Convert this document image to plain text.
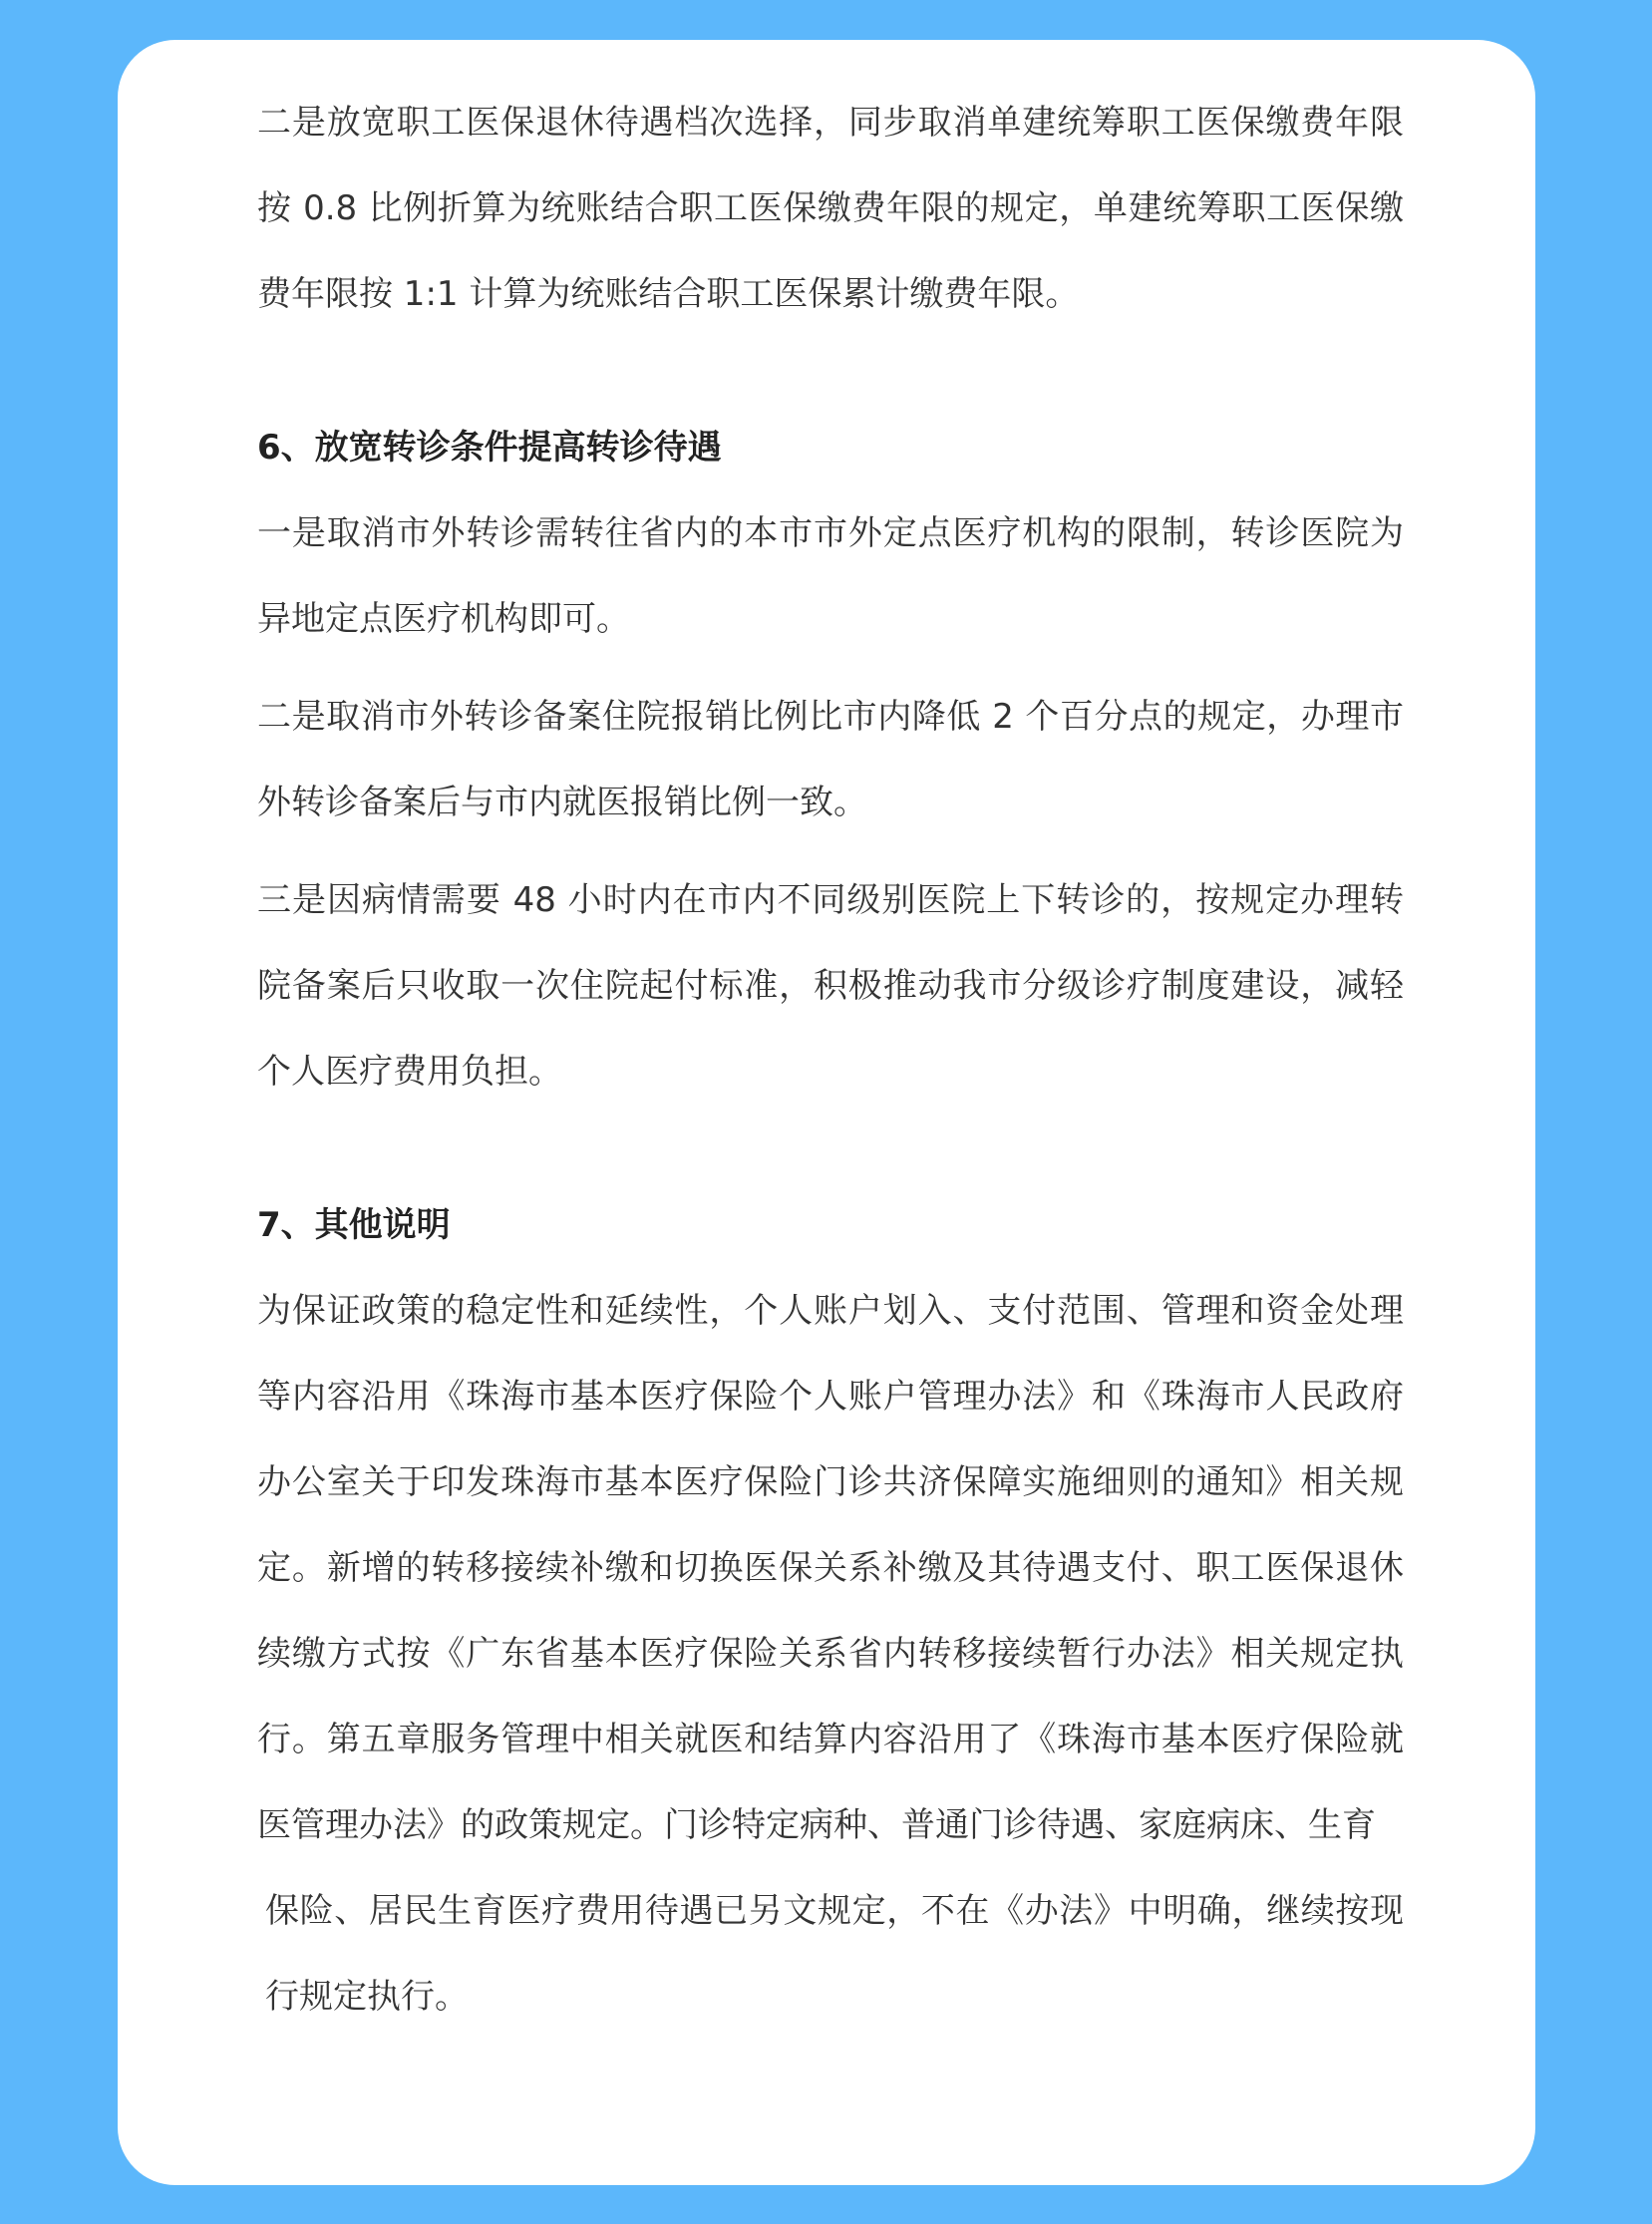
二是放宽职工医保退休待遇档次选择，同步取消单建统筹职工医保缴费年限按 0.8 比例折算为统账结合职工医保缴费年限的规定，单建统筹职工医保缴费年限按 1:1 计算为统账结合职工医保累计缴费年限。

6、放宽转诊条件提高转诊待遇

一是取消市外转诊需转往省内的本市市外定点医疗机构的限制，转诊医院为异地定点医疗机构即可。

二是取消市外转诊备案住院报销比例比市内降低 2 个百分点的规定，办理市外转诊备案后与市内就医报销比例一致。

三是因病情需要 48 小时内在市内不同级别医院上下转诊的，按规定办理转院备案后只收取一次住院起付标准，积极推动我市分级诊疗制度建设，减轻个人医疗费用负担。

7、其他说明

为保证政策的稳定性和延续性，个人账户划入、支付范围、管理和资金处理等内容沿用《珠海市基本医疗保险个人账户管理办法》和《珠海市人民政府办公室关于印发珠海市基本医疗保险门诊共济保障实施细则的通知》相关规定。新增的转移接续补缴和切换医保关系补缴及其待遇支付、职工医保退休续缴方式按《广东省基本医疗保险关系省内转移接续暂行办法》相关规定执行。第五章服务管理中相关就医和结算内容沿用了《珠海市基本医疗保险就医管理办法》的政策规定。门诊特定病种、普通门诊待遇、家庭病床、生育

保险、居民生育医疗费用待遇已另文规定，不在《办法》中明确，继续按现行规定执行。
